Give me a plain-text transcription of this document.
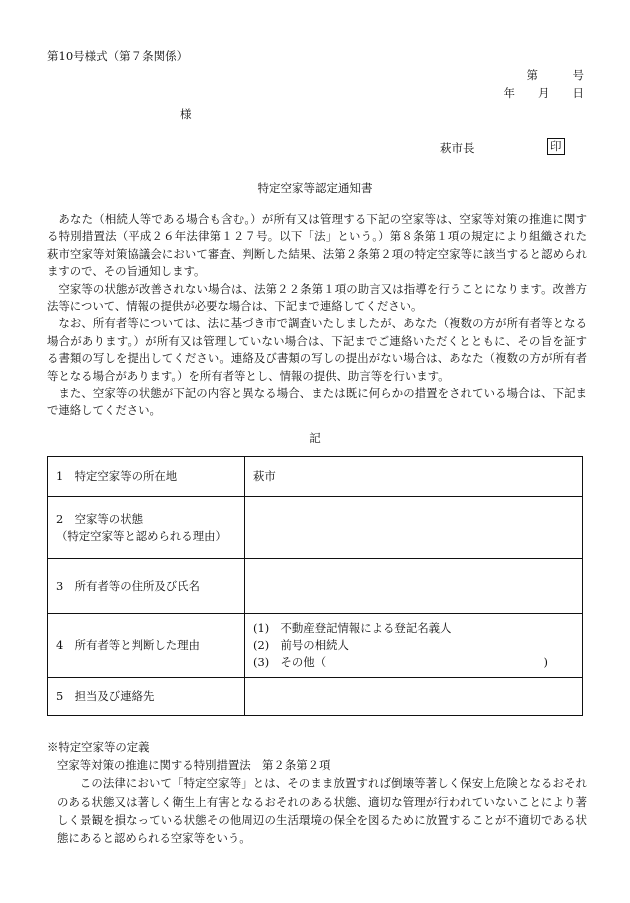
第10号様式（第７条関係）
第　　　号
年　　月　　日
様
萩市長	印
特定空家等認定通知書

あなた（相続人等である場合も含む。）が所有又は管理する下記の空家等は、空家等対策の推進に関する特別措置法（平成２６年法律第１２７号。以下「法」という。）第８条第１項の規定により組織された萩市空家等対策協議会において審査、判断した結果、法第２条第２項の特定空家等に該当すると認められますので、その旨通知します。

空家等の状態が改善されない場合は、法第２２条第１項の助言又は指導を行うことになります。改善方法等について、情報の提供が必要な場合は、下記まで連絡してください。

なお、所有者等については、法に基づき市で調査いたしましたが、あなた（複数の方が所有者等となる場合があります。）が所有又は管理していない場合は、下記までご連絡いただくとともに、その旨を証する書類の写しを提出してください。連絡及び書類の写しの提出がない場合は、あなた（複数の方が所有者等となる場合があります。）を所有者等とし、情報の提供、助言等を行います。

また、空家等の状態が下記の内容と異なる場合、または既に何らかの措置をされている場合は、下記まで連絡してください。

記
1　特定空家等の所在地	萩市

2　空家等の状態
（特定空家等と認められる理由）	

3　所有者等の住所及び氏名	
4　所有者等と判断した理由	(1)　不動産登記情報による登記名義人
(2)　前号の相続人
(3)　その他（ )

5　担当及び連絡先	
※特定空家等の定義
空家等対策の推進に関する特別措置法　第２条第２項
この法律において「特定空家等」とは、そのまま放置すれば倒壊等著しく保安上危険となるおそれのある状態又は著しく衛生上有害となるおそれのある状態、適切な管理が行われていないことにより著しく景観を損なっている状態その他周辺の生活環境の保全を図るために放置することが不適切である状態にあると認められる空家等をいう。
